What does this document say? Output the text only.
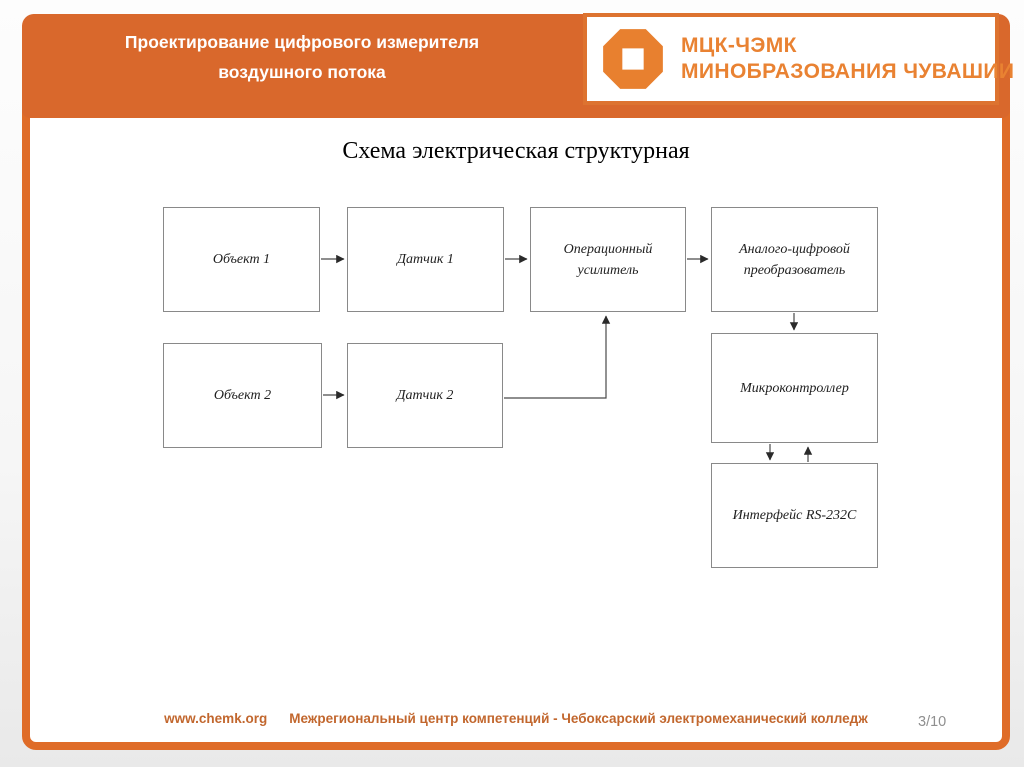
Проектирование цифрового измерителя
воздушного потока
МЦК-ЧЭМК
МИНОБРАЗОВАНИЯ ЧУВАШИИ
Схема электрическая структурная
Объект 1	Датчик 1
Операционный усилитель
Аналого-цифровой преобразователь
Объект 2	Датчик 2	Микроконтроллер
Интерфейс RS-232C
www.chemk.org Межрегиональный центр компетенций - Чебоксарский электромеханический колледж	3/10
